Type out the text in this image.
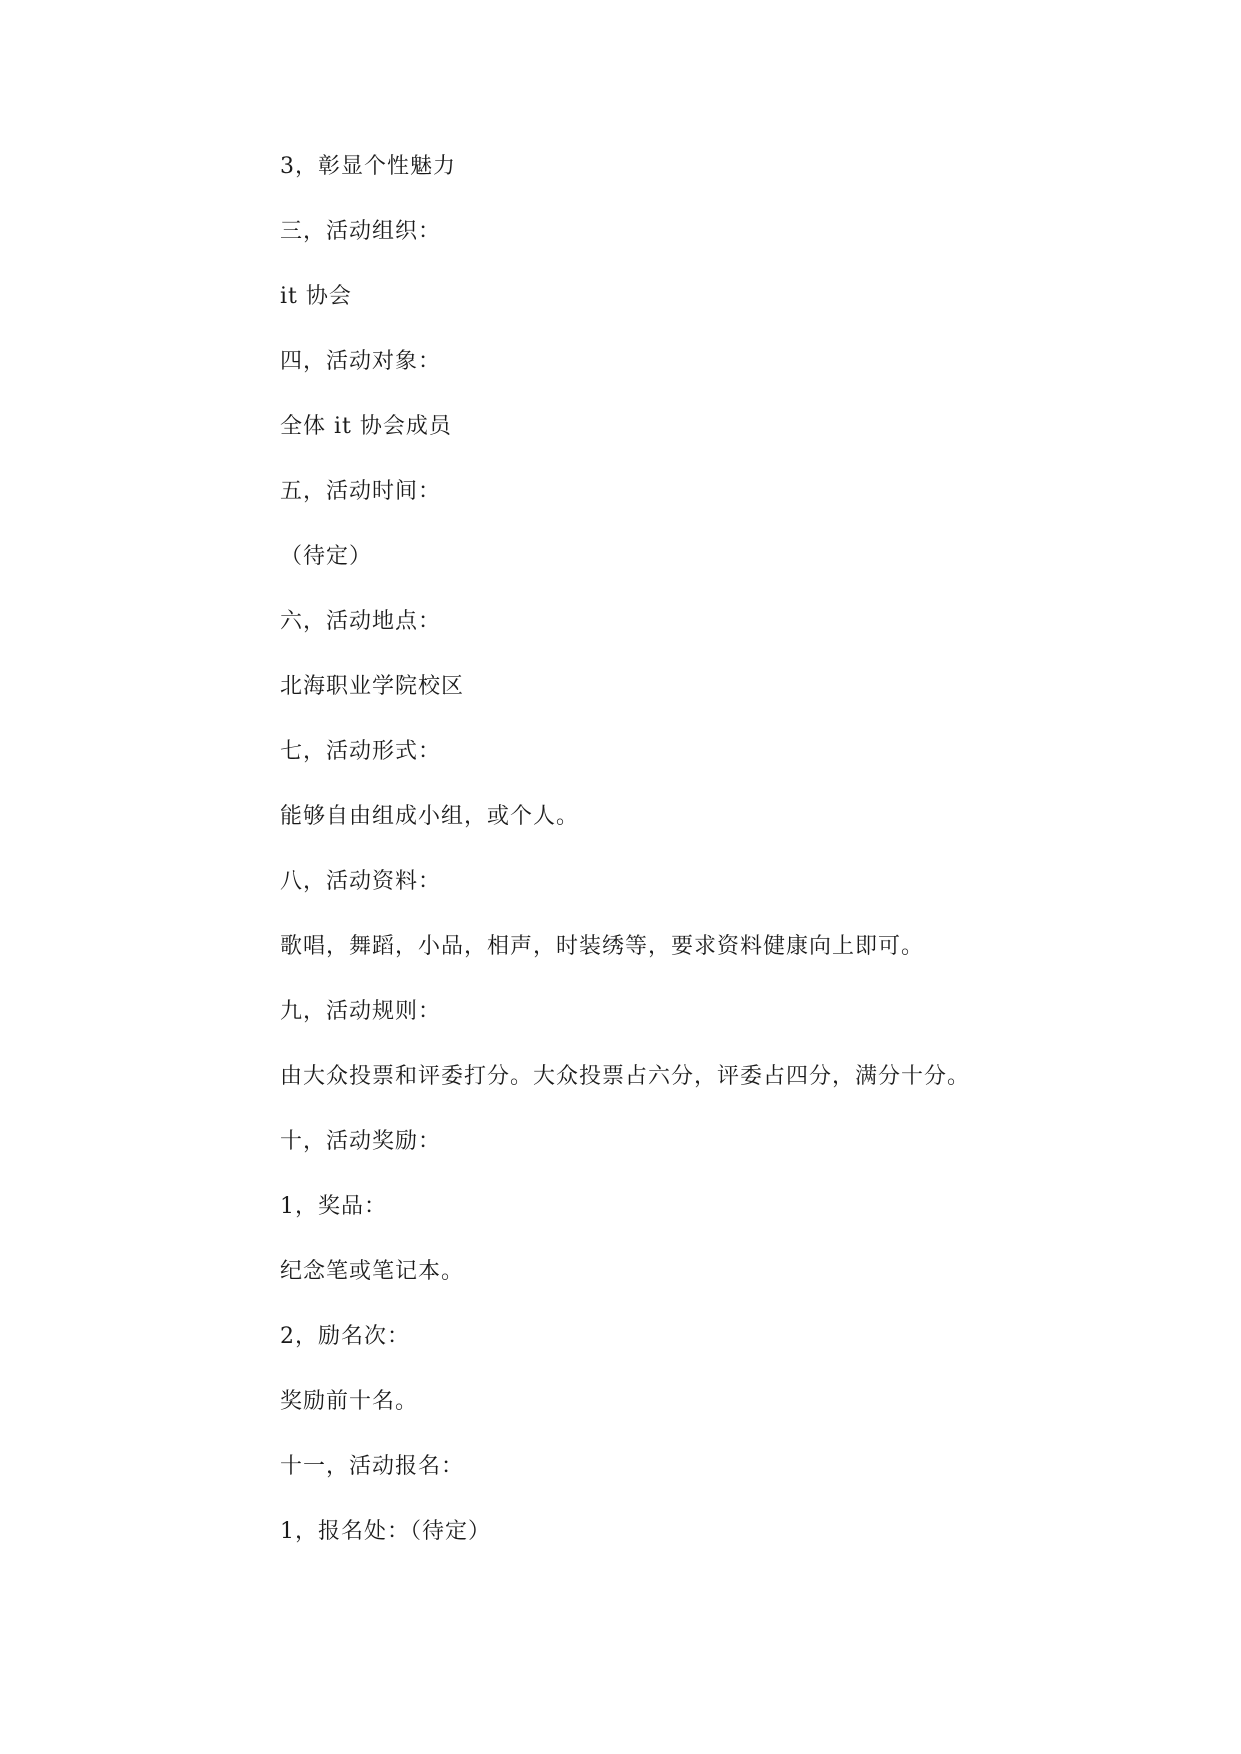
3，彰显个性魅力
三，活动组织：
it 协会
四，活动对象：
全体 it 协会成员
五，活动时间：
（待定）
六，活动地点：
北海职业学院校区
七，活动形式：
能够自由组成小组，或个人。
八，活动资料：
歌唱，舞蹈，小品，相声，时装绣等，要求资料健康向上即可。
九，活动规则：
由大众投票和评委打分。大众投票占六分，评委占四分，满分十分。
十，活动奖励：
1，奖品：
纪念笔或笔记本。
2，励名次：
奖励前十名。
十一，活动报名：
1，报名处：（待定）
